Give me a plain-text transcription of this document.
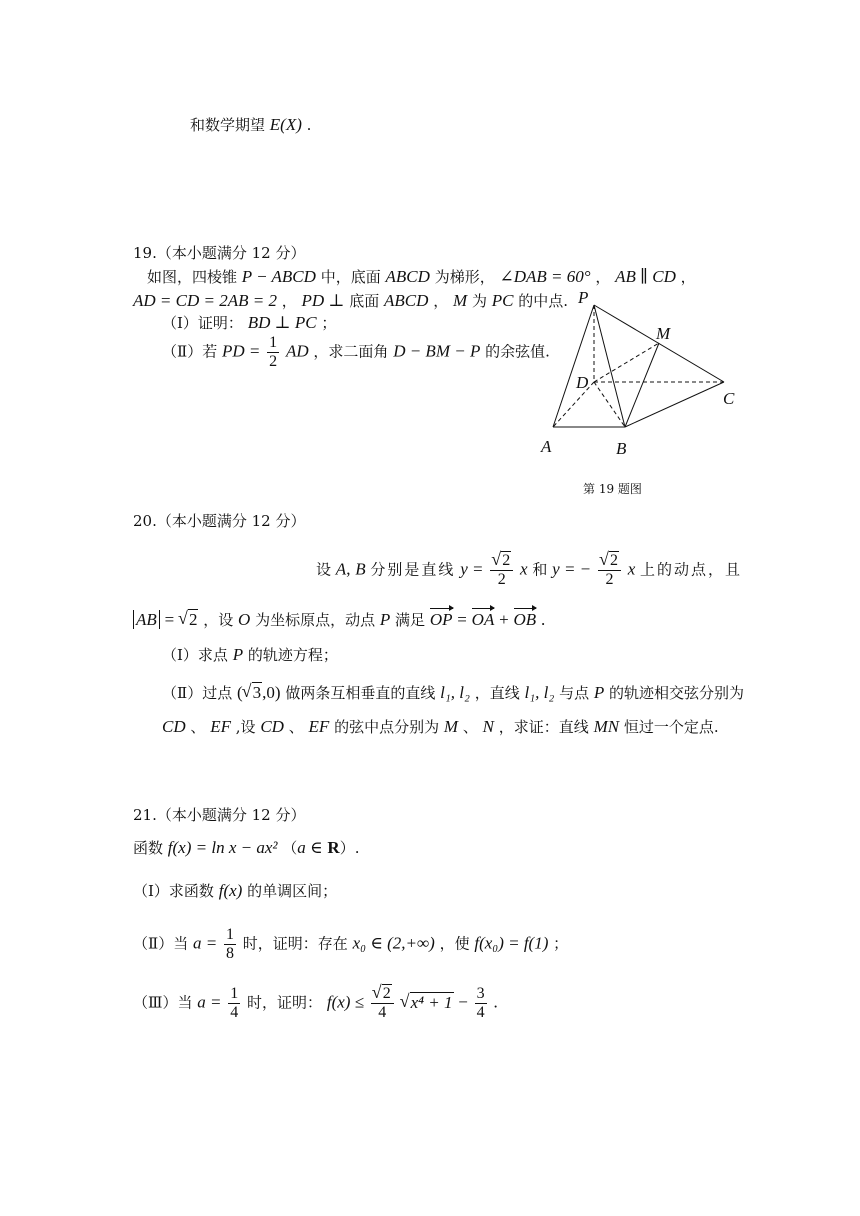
和数学期望 E(X) .
19.（本小题满分 12 分）
如图，四棱锥 P − ABCD 中，底面 ABCD 为梯形， ∠DAB = 60° ， AB ∥ CD ，
AD = CD = 2AB = 2 ， PD ⊥ 底面 ABCD ， M 为 PC 的中点.
（Ⅰ）证明： BD ⊥ PC ；
（Ⅱ）若 PD = $\frac{1}{2}$ AD ，求二面角 D − BM − P 的余弦值.
P
M
D
C
A	B
第 19 题图
20.（本小题满分 12 分）
设 A, B 分别是直线 y = √ $\frac{2}{2}$ x 和 y = − √ $\frac{2}{2}$ x 上的动点，且
AB = √ 2 ，设 O 为坐标原点，动点 P 满足 OP = OA + OB .
（Ⅰ）求点 P 的轨迹方程；
（Ⅱ）过点 ( √ 3,0) 做两条互相垂直的直线 l₁, l₂ ，直线 l₁, l₂ 与点 P 的轨迹相交弦分别为
CD 、 EF ,设 CD 、 EF 的弦中点分别为 M 、 N ，求证：直线 MN 恒过一个定点.
21.（本小题满分 12 分）
函数 f(x) = ln x − ax² （a ∈ R）.
（Ⅰ）求函数 f(x) 的单调区间；
（Ⅱ）当 $a = \frac{1}{8}$ 时，证明：存在 x₀ ∈ (2,+∞) ，使 f(x₀) = f(1) ；
（Ⅲ）当 $a = \frac{1}{4}$ 时，证明： f(x) ≤ √ $\frac{2}{4}$ √ $x^4 + 1 - \frac{3}{4}$ .
